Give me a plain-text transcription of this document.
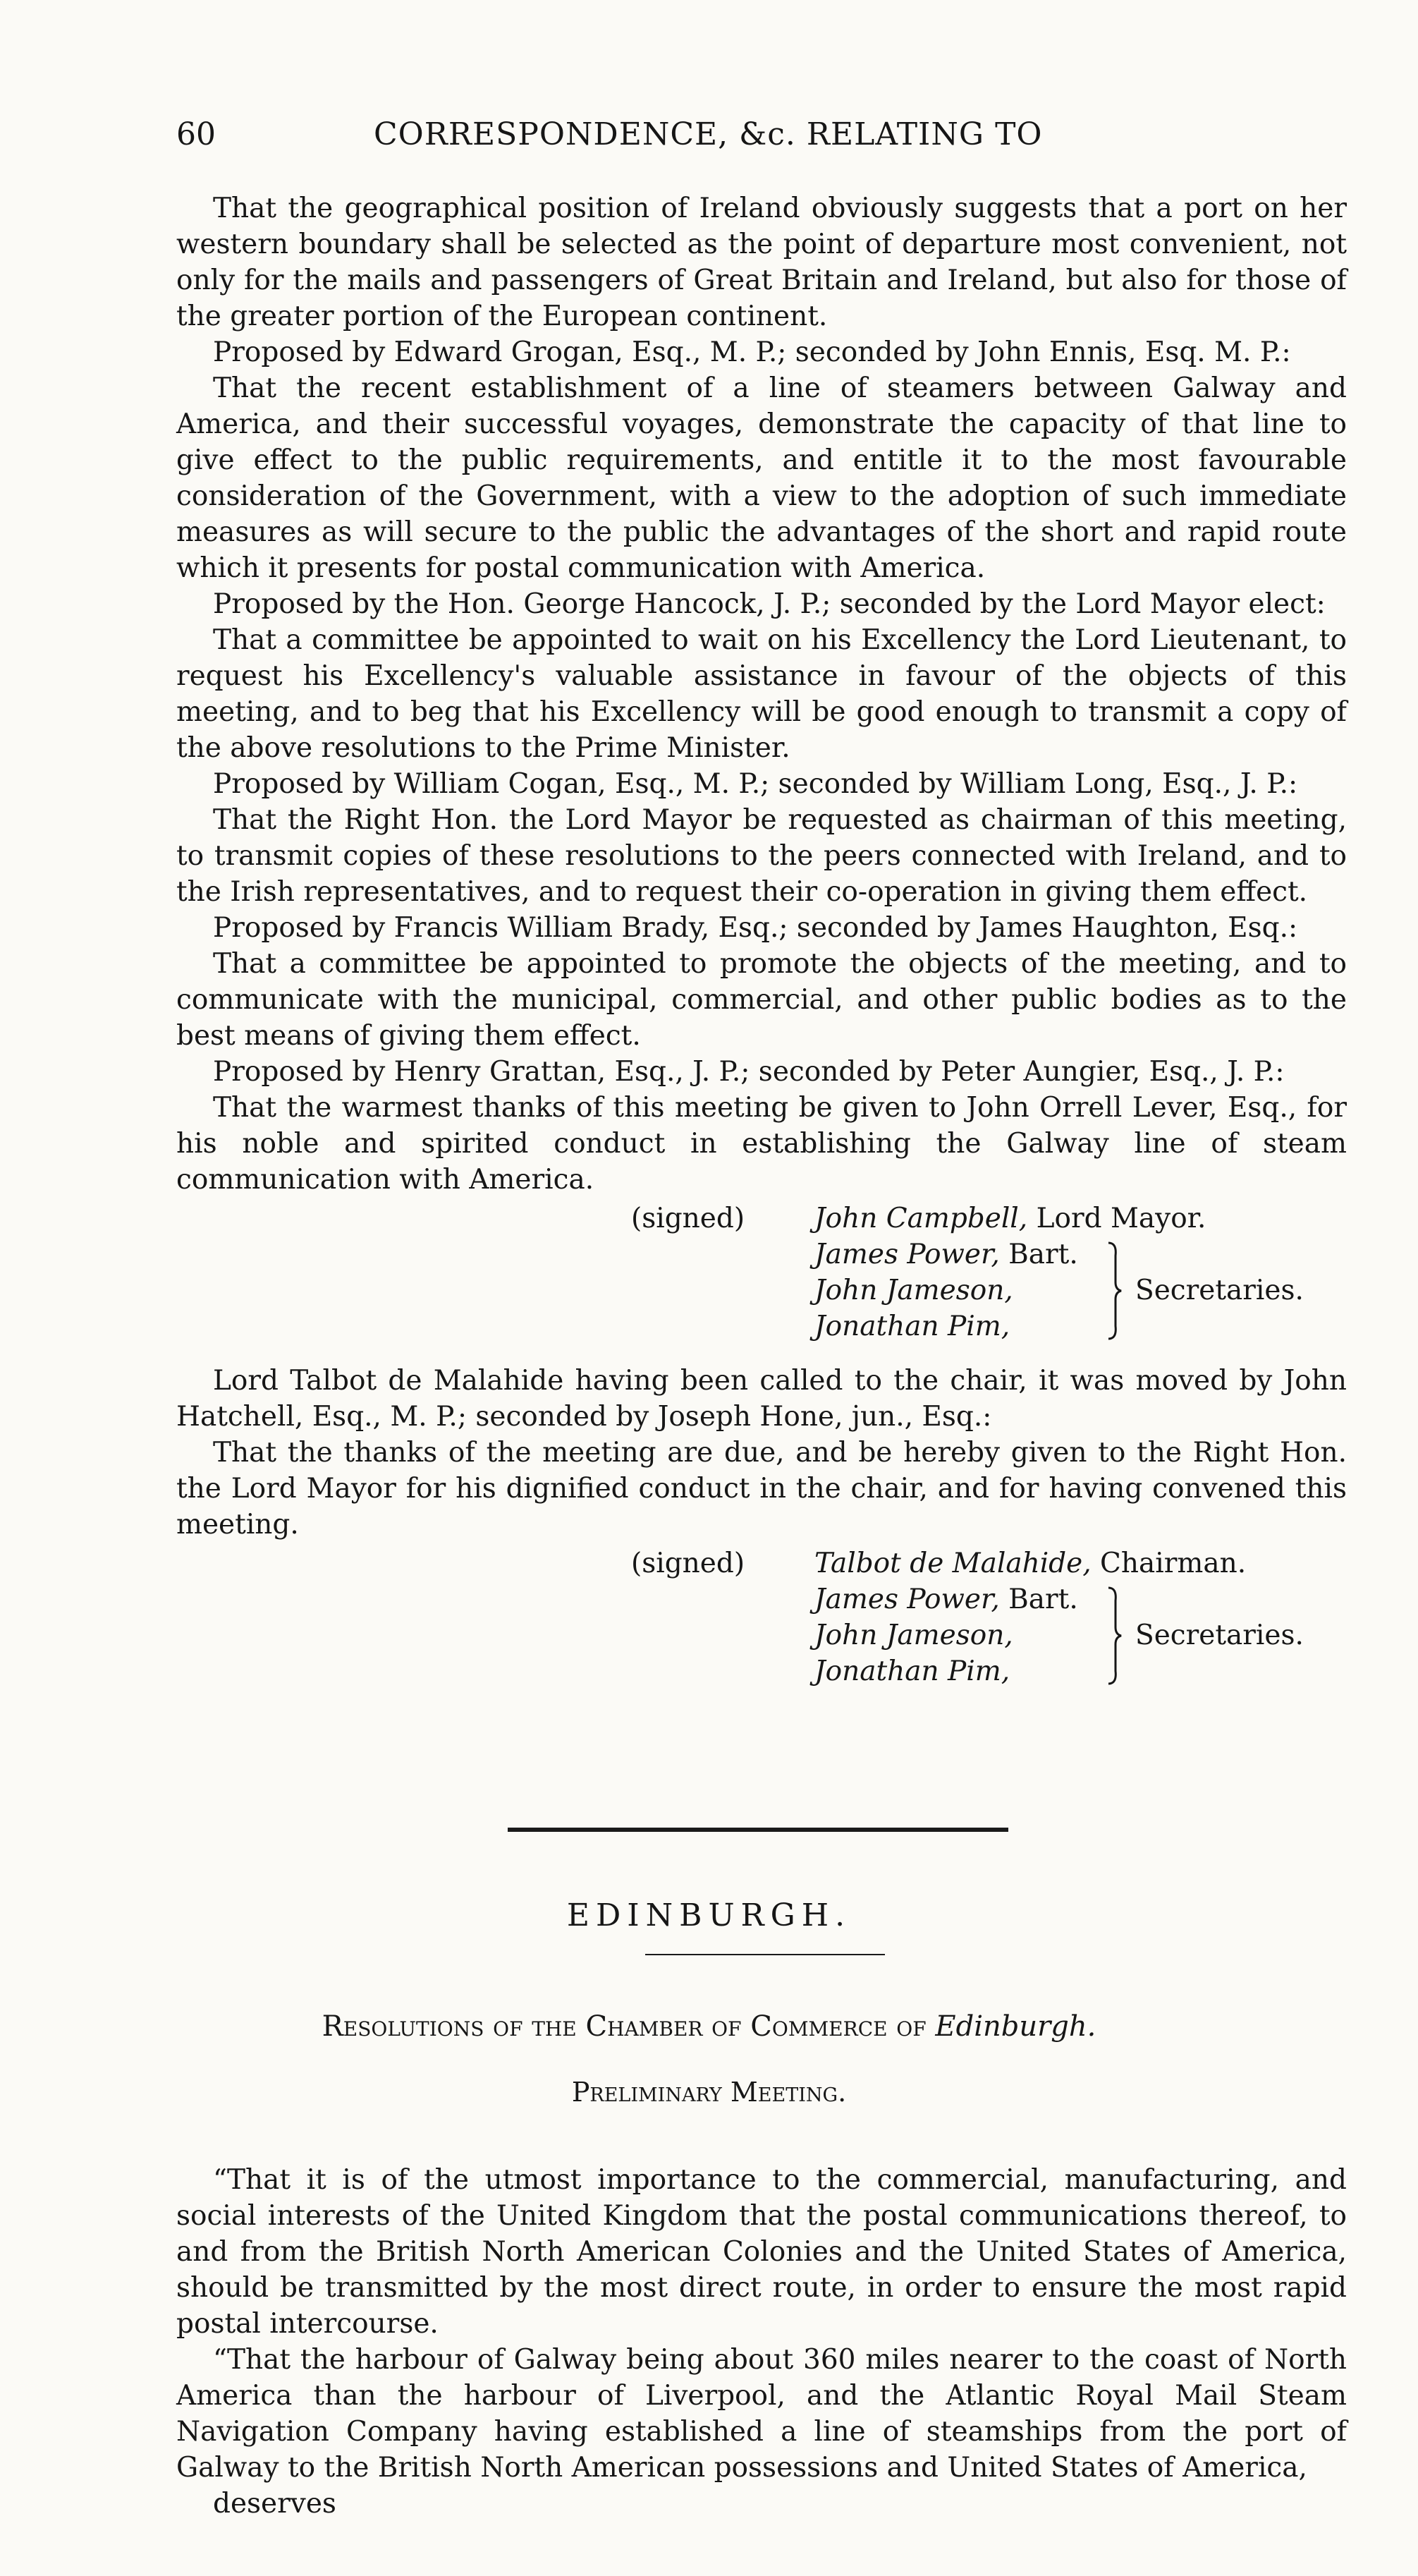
60	CORRESPONDENCE, &c. RELATING TO

That the geographical position of Ireland obviously suggests that a port on her western boundary shall be selected as the point of departure most convenient, not only for the mails and passengers of Great Britain and Ireland, but also for those of the greater portion of the European continent.

Proposed by Edward Grogan, Esq., M. P.; seconded by John Ennis, Esq. M. P.:

That the recent establishment of a line of steamers between Galway and America, and their successful voyages, demonstrate the capacity of that line to give effect to the public requirements, and entitle it to the most favourable consideration of the Government, with a view to the adoption of such immediate measures as will secure to the public the advantages of the short and rapid route which it presents for postal communication with America.

Proposed by the Hon. George Hancock, J. P.; seconded by the Lord Mayor elect:

That a committee be appointed to wait on his Excellency the Lord Lieutenant, to request his Excellency's valuable assistance in favour of the objects of this meeting, and to beg that his Excellency will be good enough to transmit a copy of the above resolutions to the Prime Minister.

Proposed by William Cogan, Esq., M. P.; seconded by William Long, Esq., J. P.:

That the Right Hon. the Lord Mayor be requested as chairman of this meeting, to transmit copies of these resolutions to the peers connected with Ireland, and to the Irish representatives, and to request their co-operation in giving them effect.

Proposed by Francis William Brady, Esq.; seconded by James Haughton, Esq.:

That a committee be appointed to promote the objects of the meeting, and to communicate with the municipal, commercial, and other public bodies as to the best means of giving them effect.

Proposed by Henry Grattan, Esq., J. P.; seconded by Peter Aungier, Esq., J. P.:

That the warmest thanks of this meeting be given to John Orrell Lever, Esq., for his noble and spirited conduct in establishing the Galway line of steam communication with America.

(signed)	John Campbell, Lord Mayor.
James Power, Bart.
John Jameson,
Jonathan Pim,
Secretaries.

Lord Talbot de Malahide having been called to the chair, it was moved by John Hatchell, Esq., M. P.; seconded by Joseph Hone, jun., Esq.:

That the thanks of the meeting are due, and be hereby given to the Right Hon. the Lord Mayor for his dignified conduct in the chair, and for having convened this meeting.

(signed)	Talbot de Malahide, Chairman.
James Power, Bart.
John Jameson,
Jonathan Pim,
Secretaries.
EDINBURGH.
Resolutions of the Chamber of Commerce of Edinburgh.
Preliminary Meeting.

“That it is of the utmost importance to the commercial, manufacturing, and social interests of the United Kingdom that the postal communications thereof, to and from the British North American Colonies and the United States of America, should be transmitted by the most direct route, in order to ensure the most rapid postal intercourse.

“That the harbour of Galway being about 360 miles nearer to the coast of North America than the harbour of Liverpool, and the Atlantic Royal Mail Steam Navigation Company having established a line of steamships from the port of Galway to the British North American possessions and United States of America,

deserves
